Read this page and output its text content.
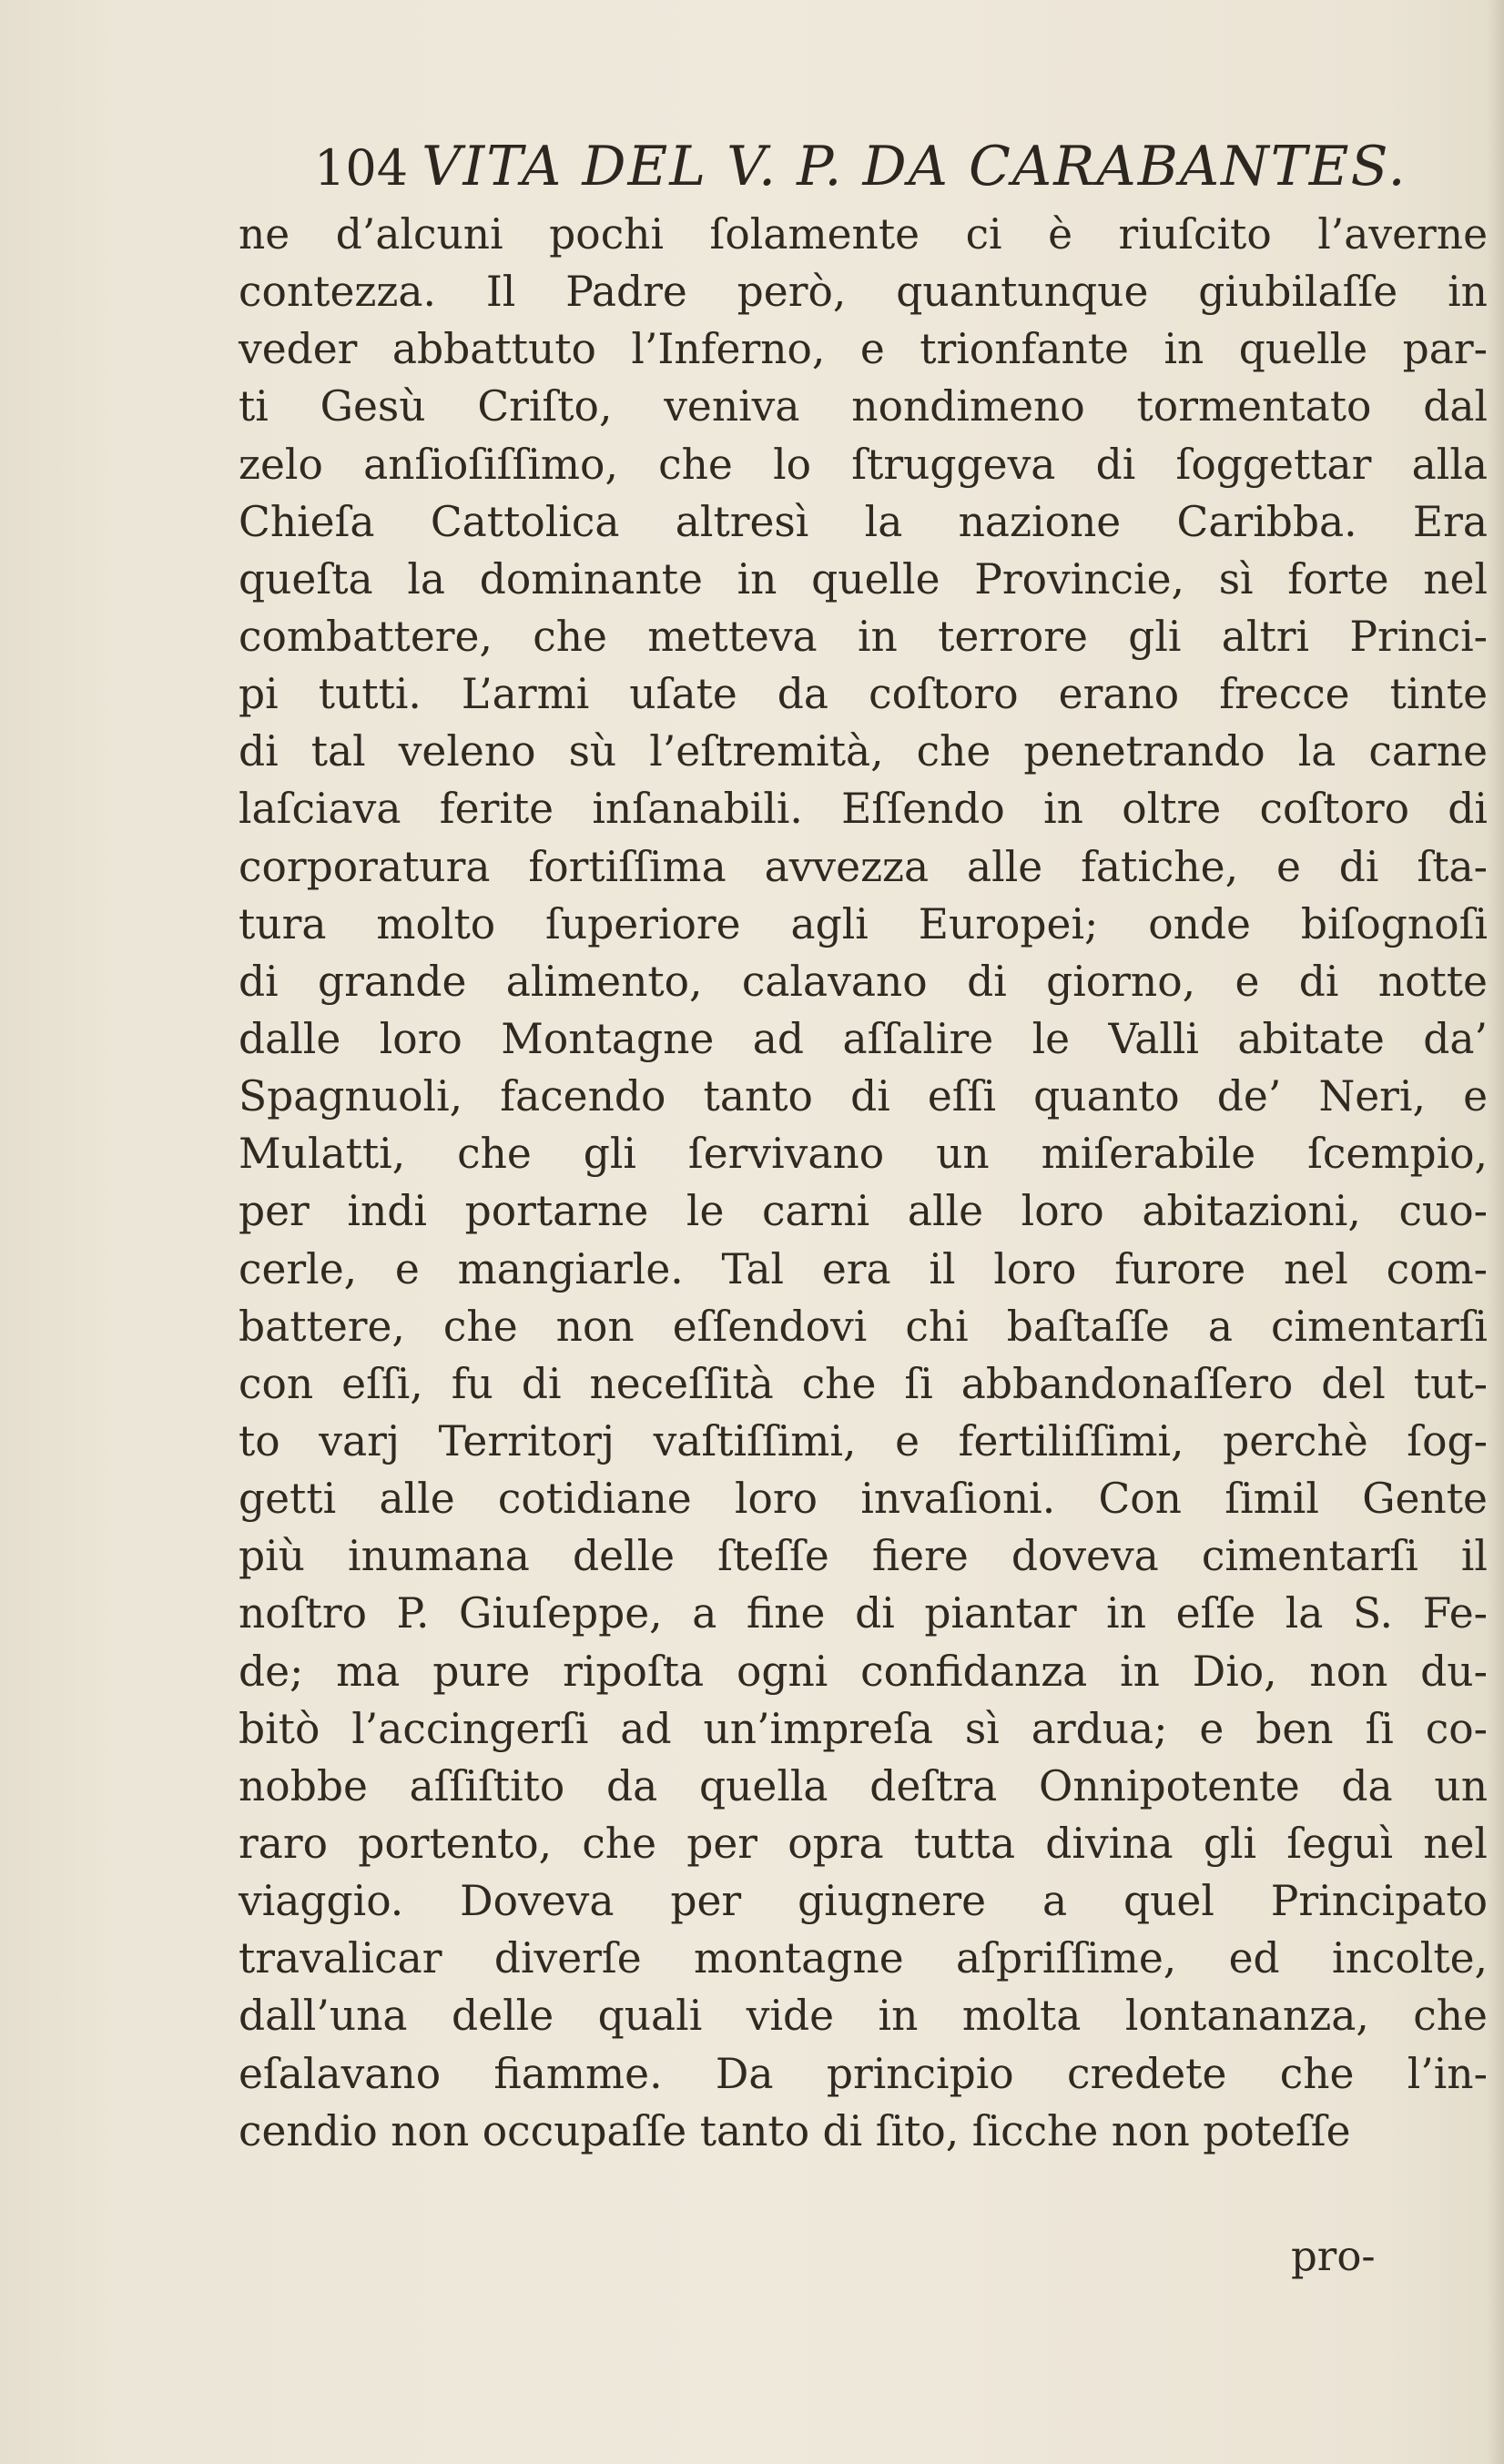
104 VITA DEL V. P. DA CARABANTES.
ne d’alcuni pochi ſolamente ci è riuſcito l’averne
contezza. Il Padre però, quantunque giubilaſſe in
veder abbattuto l’Inferno, e trionfante in quelle par-
ti Gesù Criſto, veniva nondimeno tormentato dal
zelo anſioſiſſimo, che lo ſtruggeva di ſoggettar alla
Chieſa Cattolica altresì la nazione Caribba. Era
queſta la dominante in quelle Provincie, sì forte nel
combattere, che metteva in terrore gli altri Princi-
pi tutti. L’armi uſate da coſtoro erano frecce tinte
di tal veleno sù l’eſtremità, che penetrando la carne
laſciava ferite inſanabili. Eſſendo in oltre coſtoro di
corporatura fortiſſima avvezza alle fatiche, e di ſta-
tura molto ſuperiore agli Europei; onde biſognoſi
di grande alimento, calavano di giorno, e di notte
dalle loro Montagne ad aſſalire le Valli abitate da’
Spagnuoli, facendo tanto di eſſi quanto de’ Neri, e
Mulatti, che gli ſervivano un miſerabile ſcempio,
per indi portarne le carni alle loro abitazioni, cuo-
cerle, e mangiarle. Tal era il loro furore nel com-
battere, che non eſſendovi chi baſtaſſe a cimentarſi
con eſſi, fu di neceſſità che ſi abbandonaſſero del tut-
to varj Territorj vaſtiſſimi, e fertiliſſimi, perchè ſog-
getti alle cotidiane loro invaſioni. Con ſimil Gente
più inumana delle ſteſſe fiere doveva cimentarſi il
noſtro P. Giuſeppe, a fine di piantar in eſſe la S. Fe-
de; ma pure ripoſta ogni confidanza in Dio, non du-
bitò l’accingerſi ad un’impreſa sì ardua; e ben ſi co-
nobbe aſſiſtito da quella deſtra Onnipotente da un
raro portento, che per opra tutta divina gli ſeguì nel
viaggio. Doveva per giugnere a quel Principato
travalicar diverſe montagne aſpriſſime, ed incolte,
dall’una delle quali vide in molta lontananza, che
eſalavano fiamme. Da principio credete che l’in-
cendio non occupaſſe tanto di ſito, ſicche non poteſſe
pro-
